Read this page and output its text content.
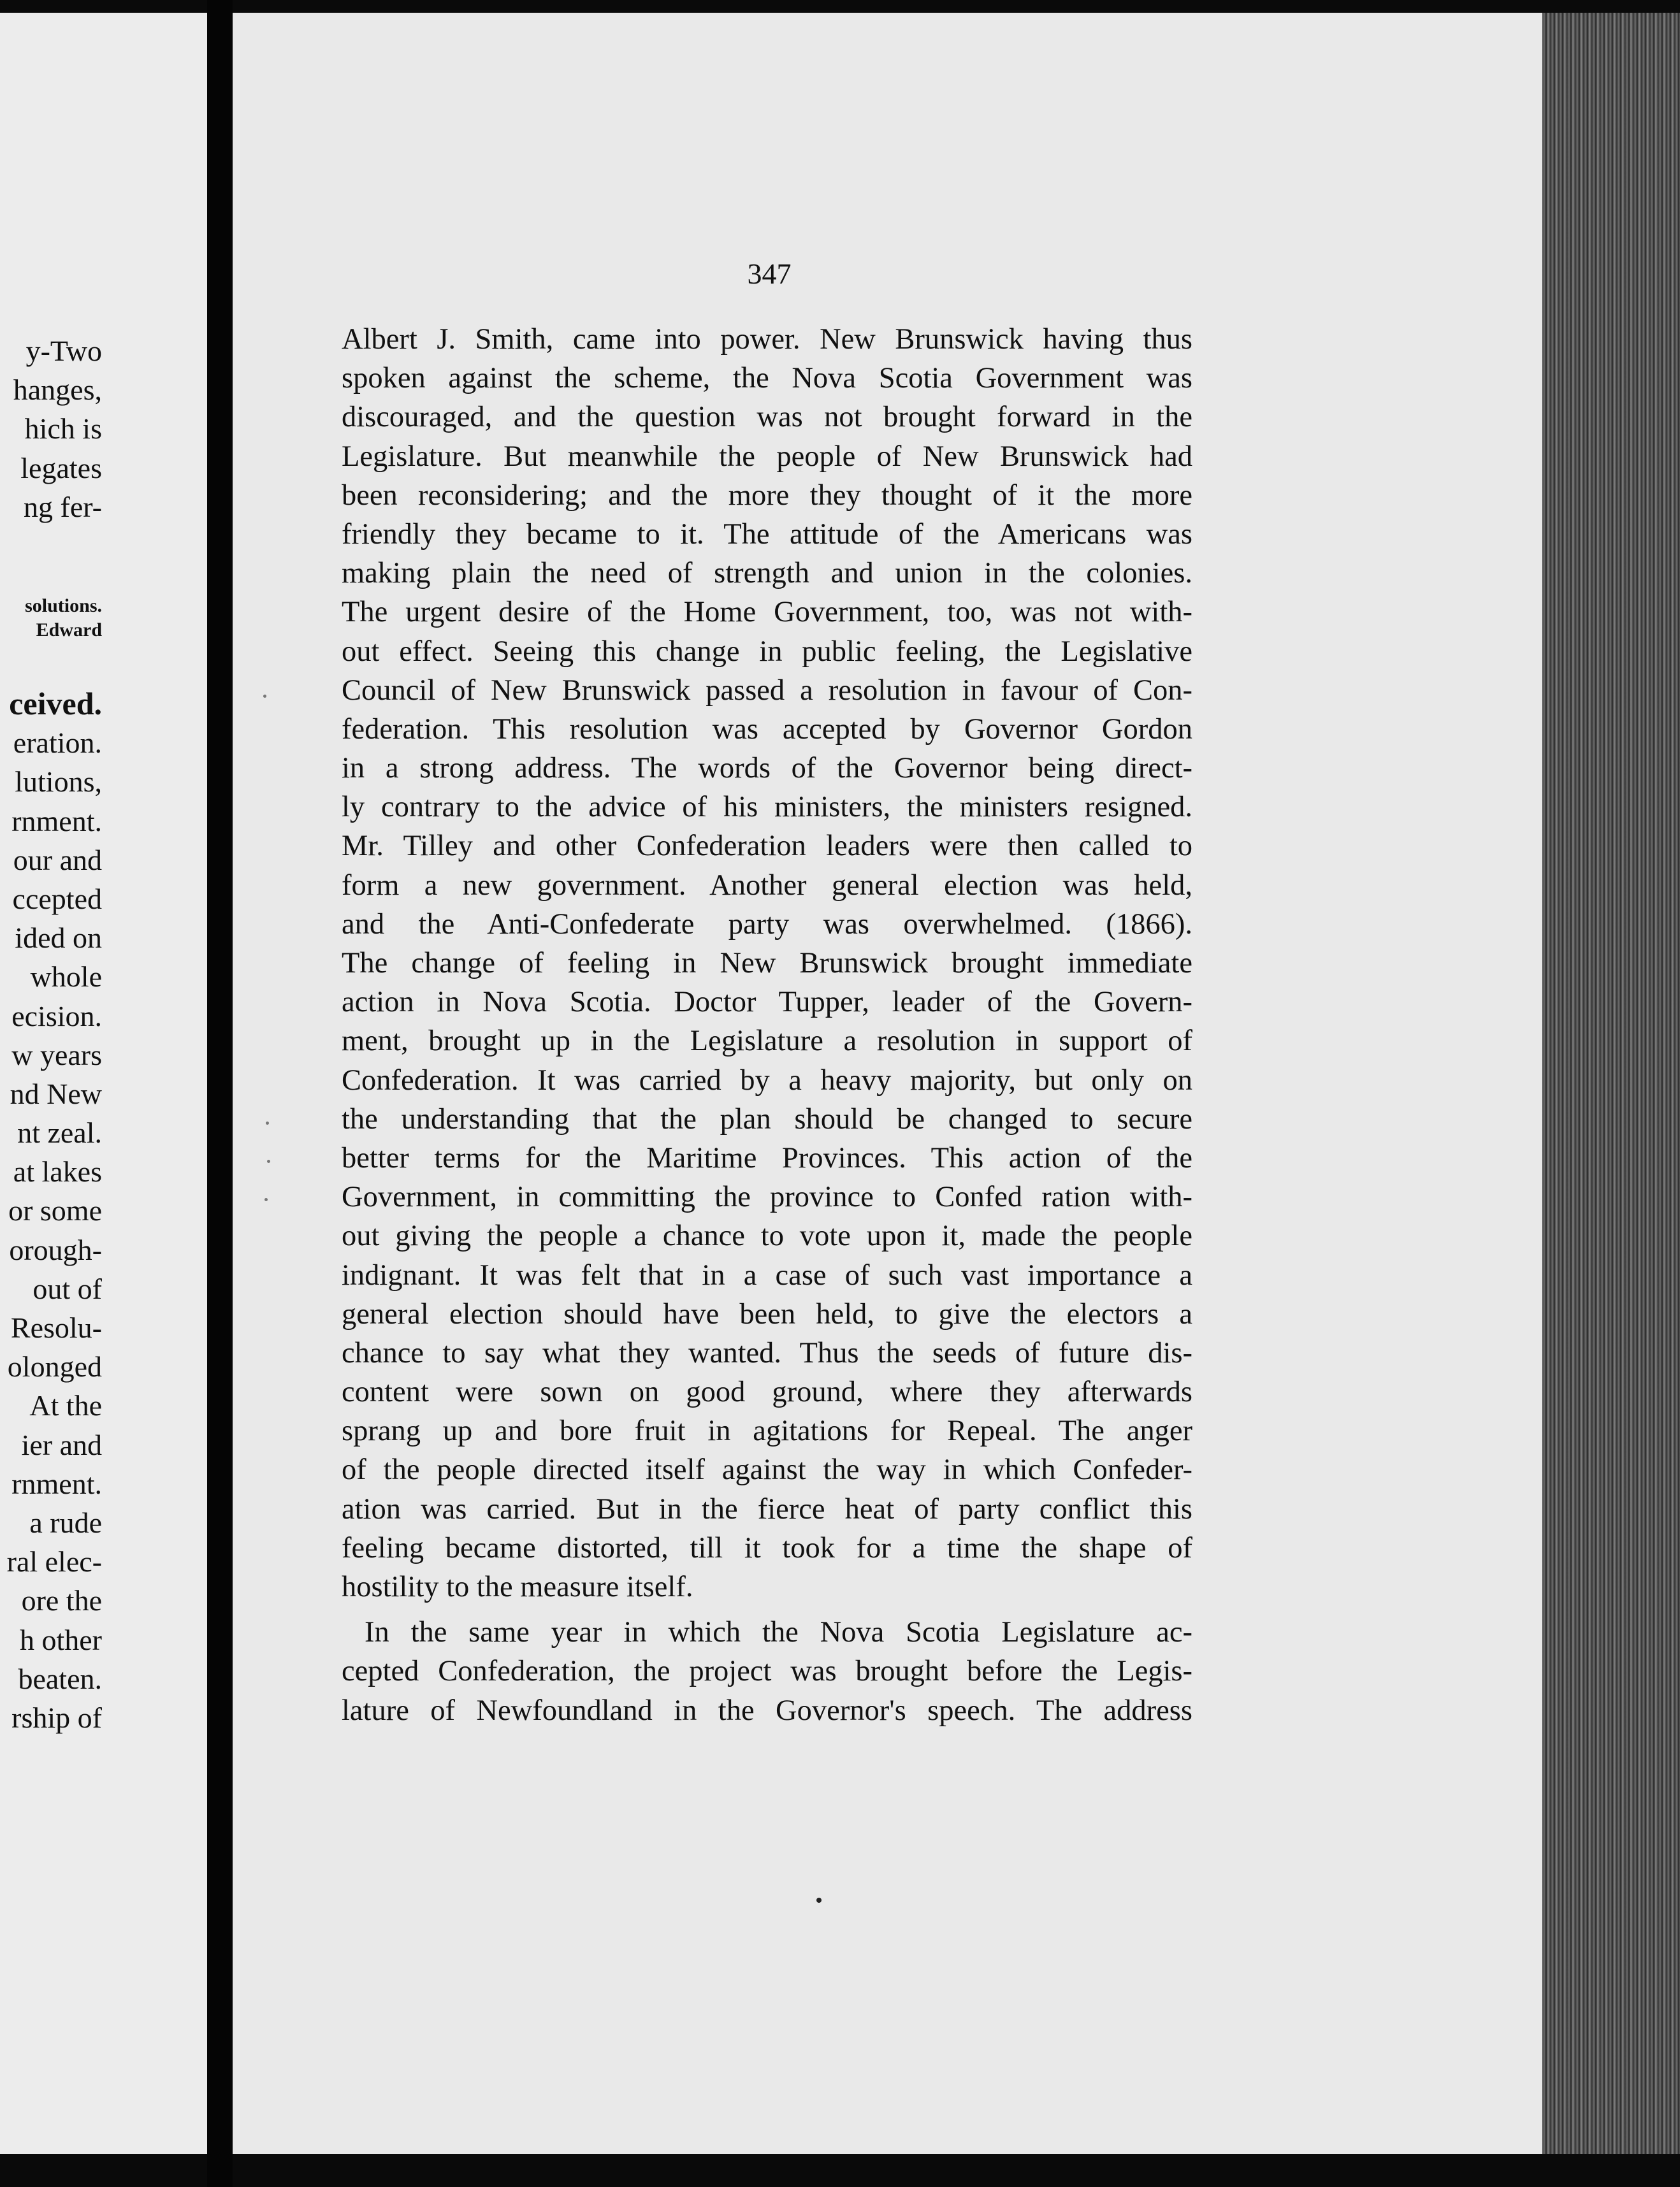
y-Two
hanges,
hich is
legates
ng fer-
solutions.
Edward
ceived.
eration.
lutions,
rnment.
our and
ccepted
ided on
whole
ecision.
w years
nd New
nt zeal.
at lakes
or some
orough-
out of
Resolu-
olonged
At the
ier and
rnment.
a rude
ral elec-
ore the
h other
beaten.
rship of
347
Albert J. Smith, came into power. New Brunswick having thus
spoken against the scheme, the Nova Scotia Government was
discouraged, and the question was not brought forward in the
Legislature. But meanwhile the people of New Brunswick had
been reconsidering; and the more they thought of it the more
friendly they became to it. The attitude of the Americans was
making plain the need of strength and union in the colonies.
The urgent desire of the Home Government, too, was not with-
out effect. Seeing this change in public feeling, the Legislative
Council of New Brunswick passed a resolution in favour of Con-
federation. This resolution was accepted by Governor Gordon
in a strong address. The words of the Governor being direct-
ly contrary to the advice of his ministers, the ministers resigned.
Mr. Tilley and other Confederation leaders were then called to
form a new government. Another general election was held,
and the Anti-Confederate party was overwhelmed. (1866).
The change of feeling in New Brunswick brought immediate
action in Nova Scotia. Doctor Tupper, leader of the Govern-
ment, brought up in the Legislature a resolution in support of
Confederation. It was carried by a heavy majority, but only on
the understanding that the plan should be changed to secure
better terms for the Maritime Provinces. This action of the
Government, in committing the province to Confed ration with-
out giving the people a chance to vote upon it, made the people
indignant. It was felt that in a case of such vast importance a
general election should have been held, to give the electors a
chance to say what they wanted. Thus the seeds of future dis-
content were sown on good ground, where they afterwards
sprang up and bore fruit in agitations for Repeal. The anger
of the people directed itself against the way in which Confeder-
ation was carried. But in the fierce heat of party conflict this
feeling became distorted, till it took for a time the shape of
hostility to the measure itself.
In the same year in which the Nova Scotia Legislature ac-
cepted Confederation, the project was brought before the Legis-
lature of Newfoundland in the Governor's speech. The address
